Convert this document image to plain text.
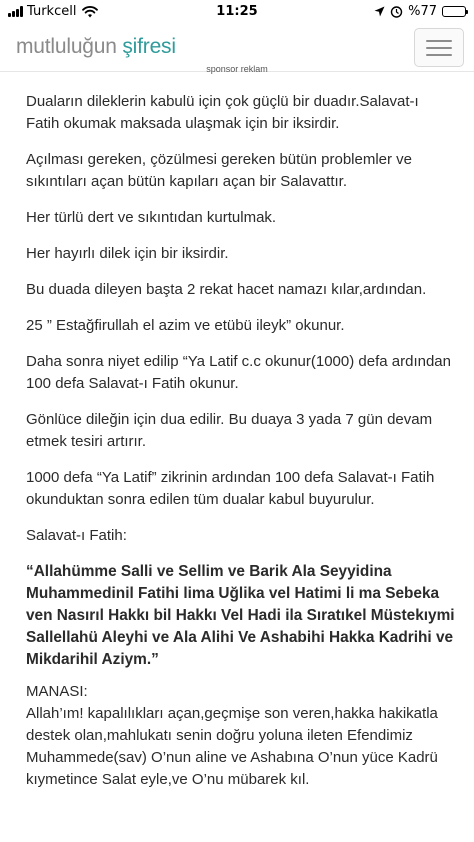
Turkcell	11:25	%77
mutluluğun şifresi
sponsor reklam

Duaların dileklerin kabulü için çok güçlü bir duadır.Salavat-ı Fatih okumak maksada ulaşmak için bir iksirdir.

Açılması gereken, çözülmesi gereken bütün problemler ve sıkıntıları açan bütün kapıları açan bir Salavattır.

Her türlü dert ve sıkıntıdan kurtulmak.

Her hayırlı dilek için bir iksirdir.

Bu duada dileyen başta 2 rekat hacet namazı kılar,ardından.

25 ” Estağfirullah el azim ve etübü ileyk” okunur.

Daha sonra niyet edilip “Ya Latif c.c okunur(1000) defa ardından 100 defa Salavat-ı Fatih okunur.

Gönlüce dileğin için dua edilir. Bu duaya 3 yada 7 gün devam etmek tesiri artırır.

1000 defa “Ya Latif” zikrinin ardından 100 defa Salavat-ı Fatih okunduktan sonra edilen tüm dualar kabul buyurulur.

Salavat-ı Fatih:

“Allahümme Salli ve Sellim ve Barik Ala Seyyidina Muhammedinil Fatihi lima Uğlika vel Hatimi li ma Sebeka ven Nasırıl Hakkı bil Hakkı Vel Hadi ila Sıratıkel Müstekıymi Sallellahü Aleyhi ve Ala Alihi Ve Ashabihi Hakka Kadrihi ve Mikdarihil Aziym.”

MANASI:

Allah’ım! kapalılıkları açan,geçmişe son veren,hakka hakikatla destek olan,mahlukatı senin doğru yoluna ileten Efendimiz Muhammede(sav) O’nun aline ve Ashabına O’nun yüce Kadrü kıymetince Salat eyle,ve O’nu mübarek kıl.
